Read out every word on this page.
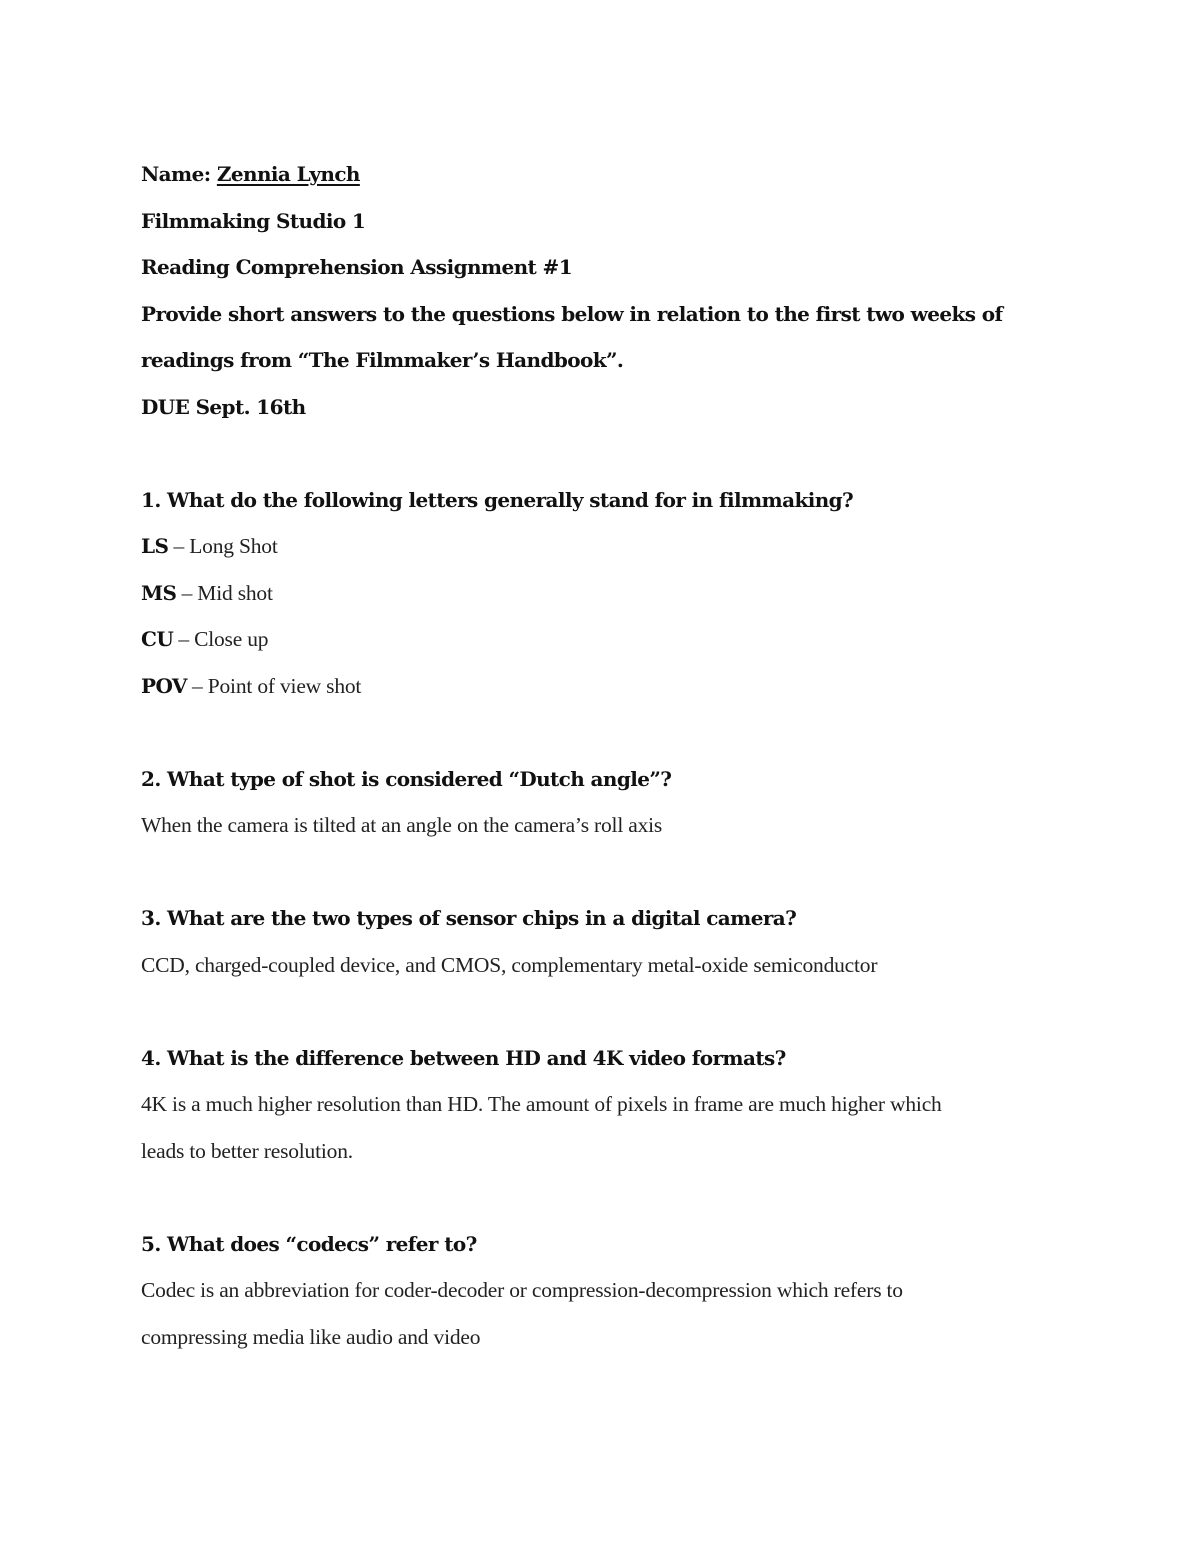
Name: Zennia Lynch
Filmmaking Studio 1
Reading Comprehension Assignment #1
Provide short answers to the questions below in relation to the first two weeks of
readings from “The Filmmaker’s Handbook”.
DUE Sept. 16th
1. What do the following letters generally stand for in filmmaking?
LS – Long Shot
MS – Mid shot
CU – Close up
POV – Point of view shot
2. What type of shot is considered “Dutch angle”?
When the camera is tilted at an angle on the camera’s roll axis
3. What are the two types of sensor chips in a digital camera?
CCD, charged-coupled device, and CMOS, complementary metal-oxide semiconductor
4. What is the difference between HD and 4K video formats?
4K is a much higher resolution than HD. The amount of pixels in frame are much higher which
leads to better resolution.
5. What does “codecs” refer to?
Codec is an abbreviation for coder-decoder or compression-decompression which refers to
compressing media like audio and video
